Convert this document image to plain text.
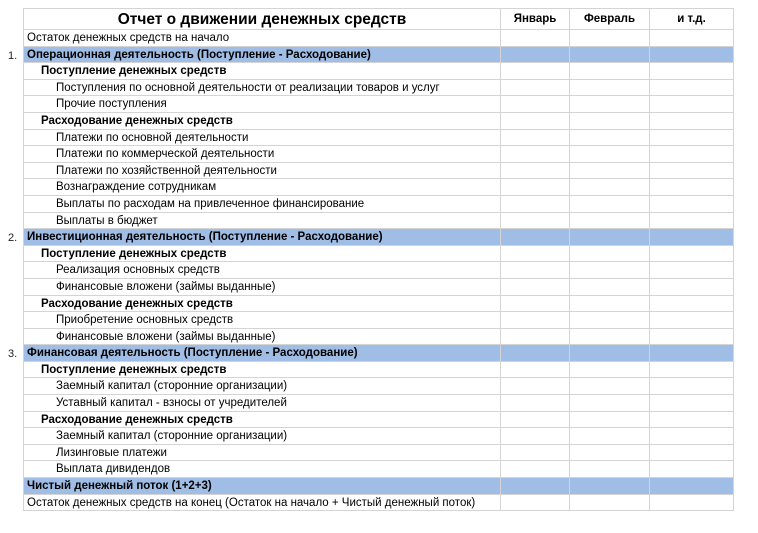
Отчет о движении денежных средств	Январь	Февраль	и т.д.
Остаток денежных средств на начало
1. Операционная деятельность (Поступление - Расходование)
Поступление денежных средств
Поступления по основной деятельности от реализации товаров и услуг
Прочие поступления
Расходование денежных средств
Платежи по основной деятельности
Платежи по коммерческой деятельности
Платежи по хозяйственной деятельности
Вознаграждение сотрудникам
Выплаты по расходам на привлеченное финансирование
Выплаты в бюджет
2. Инвестиционная деятельность (Поступление - Расходование)
Поступление денежных средств
Реализация основных средств
Финансовые вложени (займы выданные)
Расходование денежных средств
Приобретение основных средств
Финансовые вложени (займы выданные)
3. Финансовая деятельность (Поступление - Расходование)
Поступление денежных средств
Заемный капитал (сторонние организации)
Уставный капитал - взносы от учредителей
Расходование денежных средств
Заемный капитал (сторонние организации)
Лизинговые платежи
Выплата дивидендов
Чистый денежный поток (1+2+3)
Остаток денежных средств на конец (Остаток на начало + Чистый денежный поток)
